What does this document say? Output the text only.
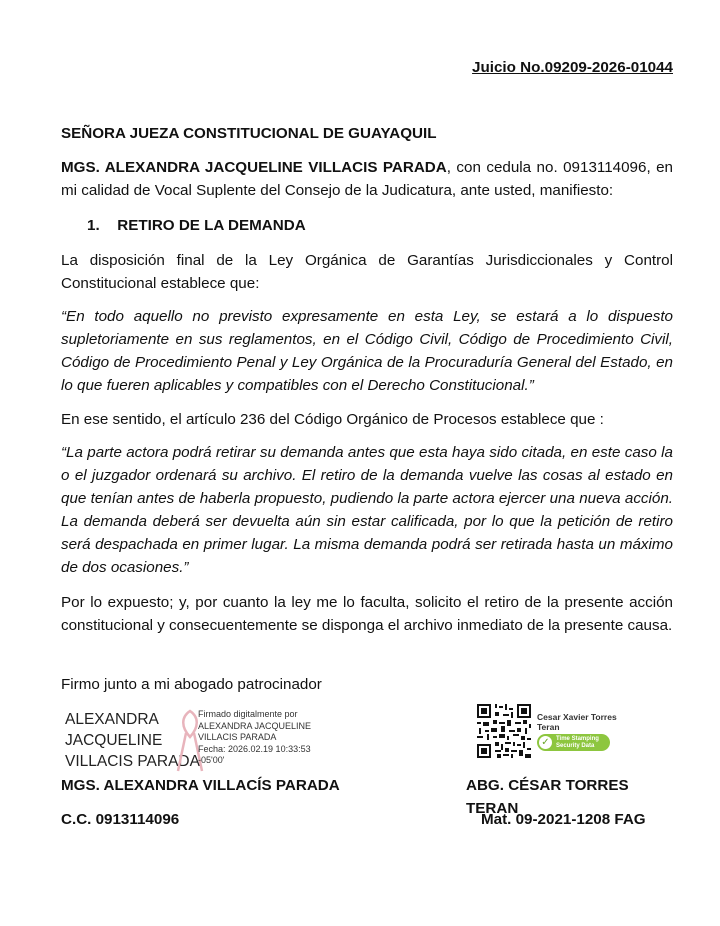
Juicio No.09209-2026-01044
SEÑORA JUEZA CONSTITUCIONAL DE GUAYAQUIL
MGS. ALEXANDRA JACQUELINE VILLACIS PARADA, con cedula no. 0913114096, en mi calidad de Vocal Suplente del Consejo de la Judicatura, ante usted, manifiesto:
1. RETIRO DE LA DEMANDA
La disposición final de la Ley Orgánica de Garantías Jurisdiccionales y Control Constitucional establece que:
“En todo aquello no previsto expresamente en esta Ley, se estará a lo dispuesto supletoriamente en sus reglamentos, en el Código Civil, Código de Procedimiento Civil, Código de Procedimiento Penal y Ley Orgánica de la Procuraduría General del Estado, en lo que fueren aplicables y compatibles con el Derecho Constitucional.”
En ese sentido, el artículo 236 del Código Orgánico de Procesos establece que :
“La parte actora podrá retirar su demanda antes que esta haya sido citada, en este caso la o el juzgador ordenará su archivo. El retiro de la demanda vuelve las cosas al estado en que tenían antes de haberla propuesto, pudiendo la parte actora ejercer una nueva acción. La demanda deberá ser devuelta aún sin estar calificada, por lo que la petición de retiro será despachada en primer lugar. La misma demanda podrá ser retirada hasta un máximo de dos ocasiones.”
Por lo expuesto; y, por cuanto la ley me lo faculta, solicito el retiro de la presente acción constitucional y consecuentemente se disponga el archivo inmediato de la presente causa.
Firmo junto a mi abogado patrocinador
ALEXANDRA
JACQUELINE
VILLACIS PARADA
Firmado digitalmente por
ALEXANDRA JACQUELINE
VILLACIS PARADA
Fecha: 2026.02.19 10:33:53
-05'00'
Cesar Xavier Torres Teran
✓	Time Stamping
Security Data
MGS. ALEXANDRA VILLACÍS PARADA	ABG. CÉSAR TORRES TERAN
C.C. 0913114096	Mat. 09-2021-1208 FAG
